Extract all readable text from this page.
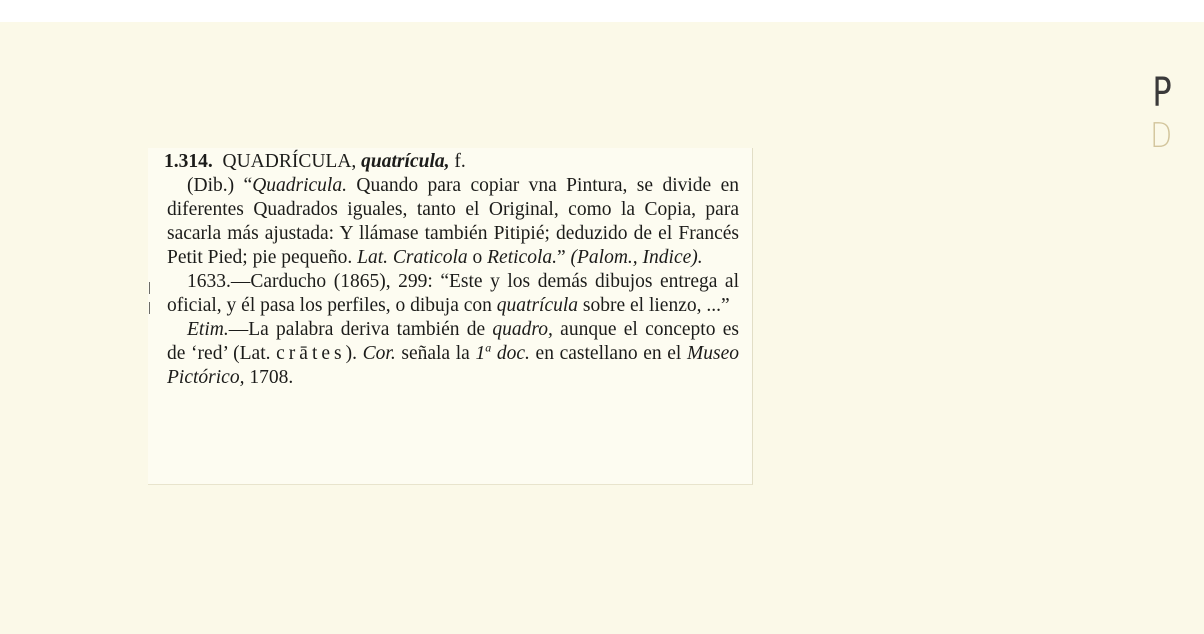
1.314. QUADRÍCULA, quatrícula, f.

(Dib.) “Quadricula. Quando para copiar vna Pintura, se divide en diferentes Quadrados iguales, tanto el Original, como la Copia, para sacarla más ajustada: Y llámase también Pitipié; deduzido de el Francés Petit Pied; pie pequeño. Lat. Craticola o Reticola.” (Palom., Indice).

1633.—Carducho (1865), 299: “Este y los demás dibujos entrega al oficial, y él pasa los perfiles, o dibuja con quatrícula sobre el lienzo, ...”

Etim.—La palabra deriva también de quadro, aunque el concepto es de ‘red’ (Lat. crātes). Cor. señala la 1$^a$ doc. en castellano en el Museo Pictórico, 1708.

P
D
